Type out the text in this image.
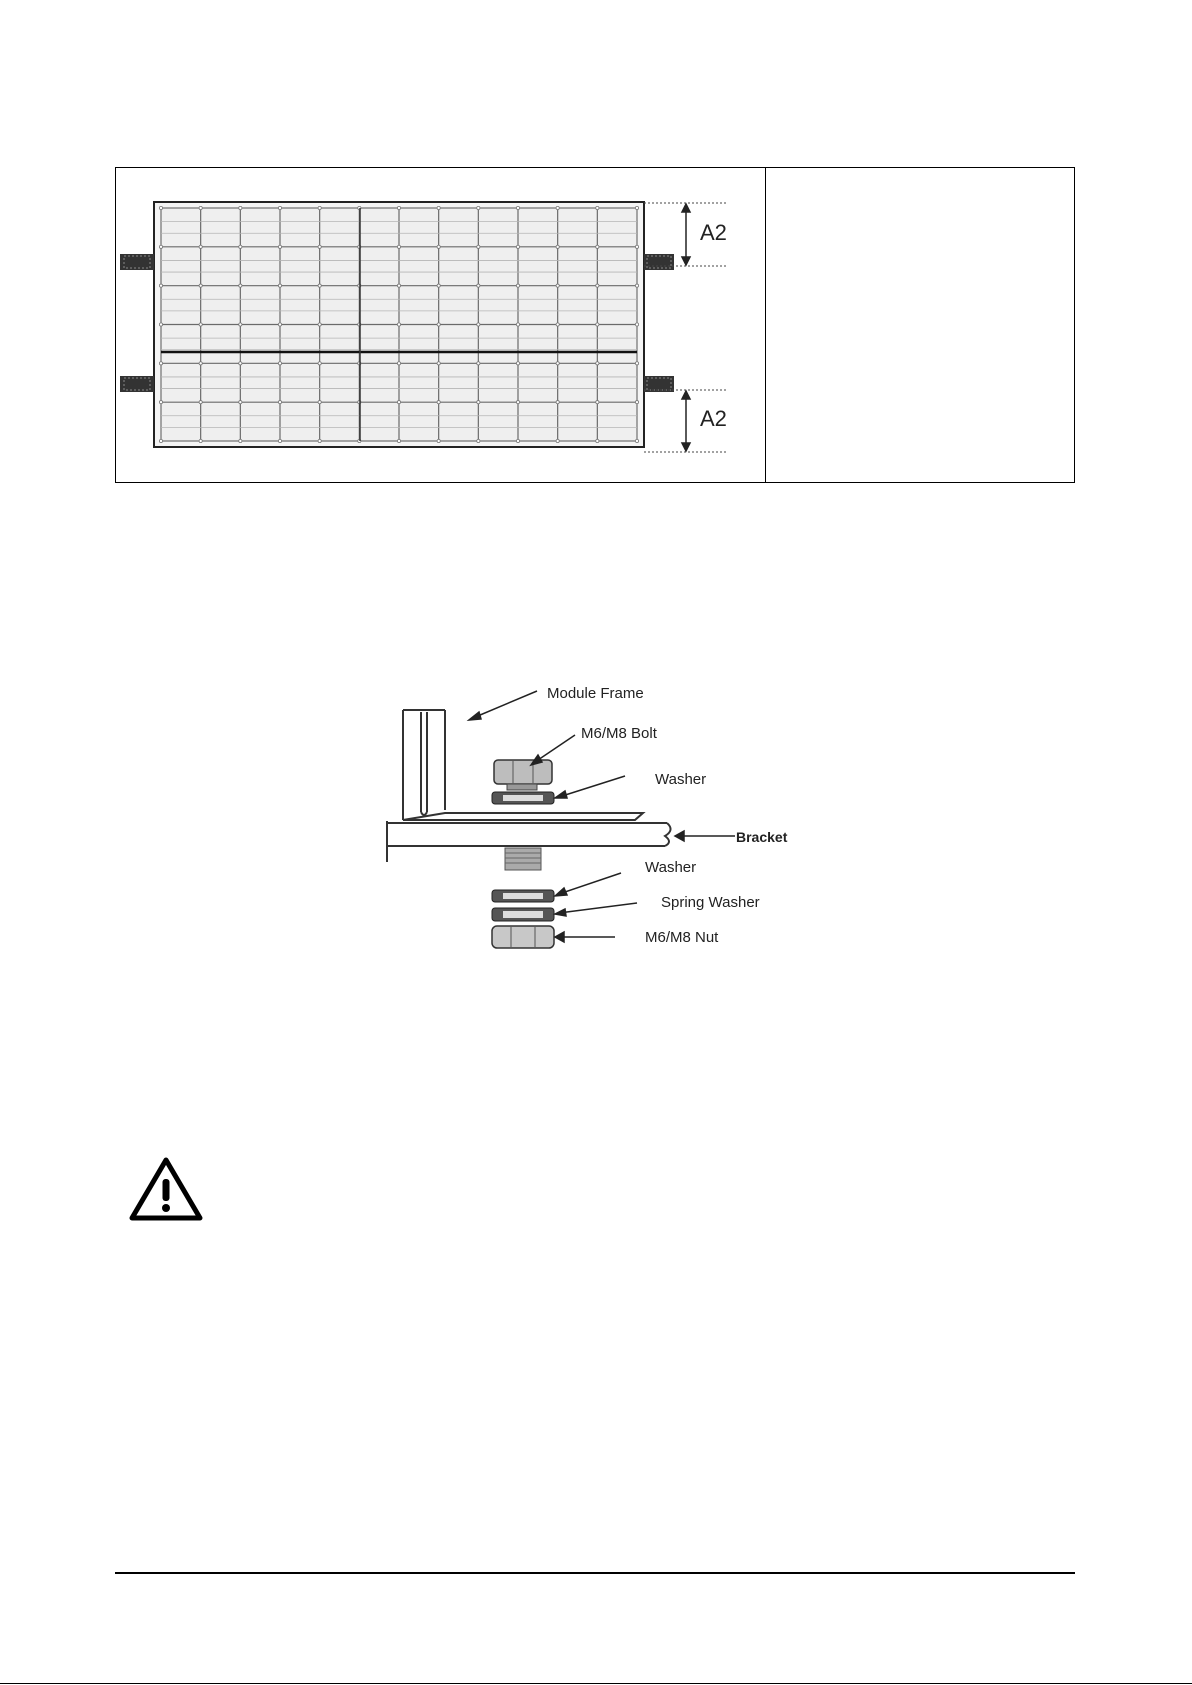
A2
A2
Module Frame
M6/M8 Bolt
Washer
Bracket
Washer
Spring Washer
M6/M8 Nut
